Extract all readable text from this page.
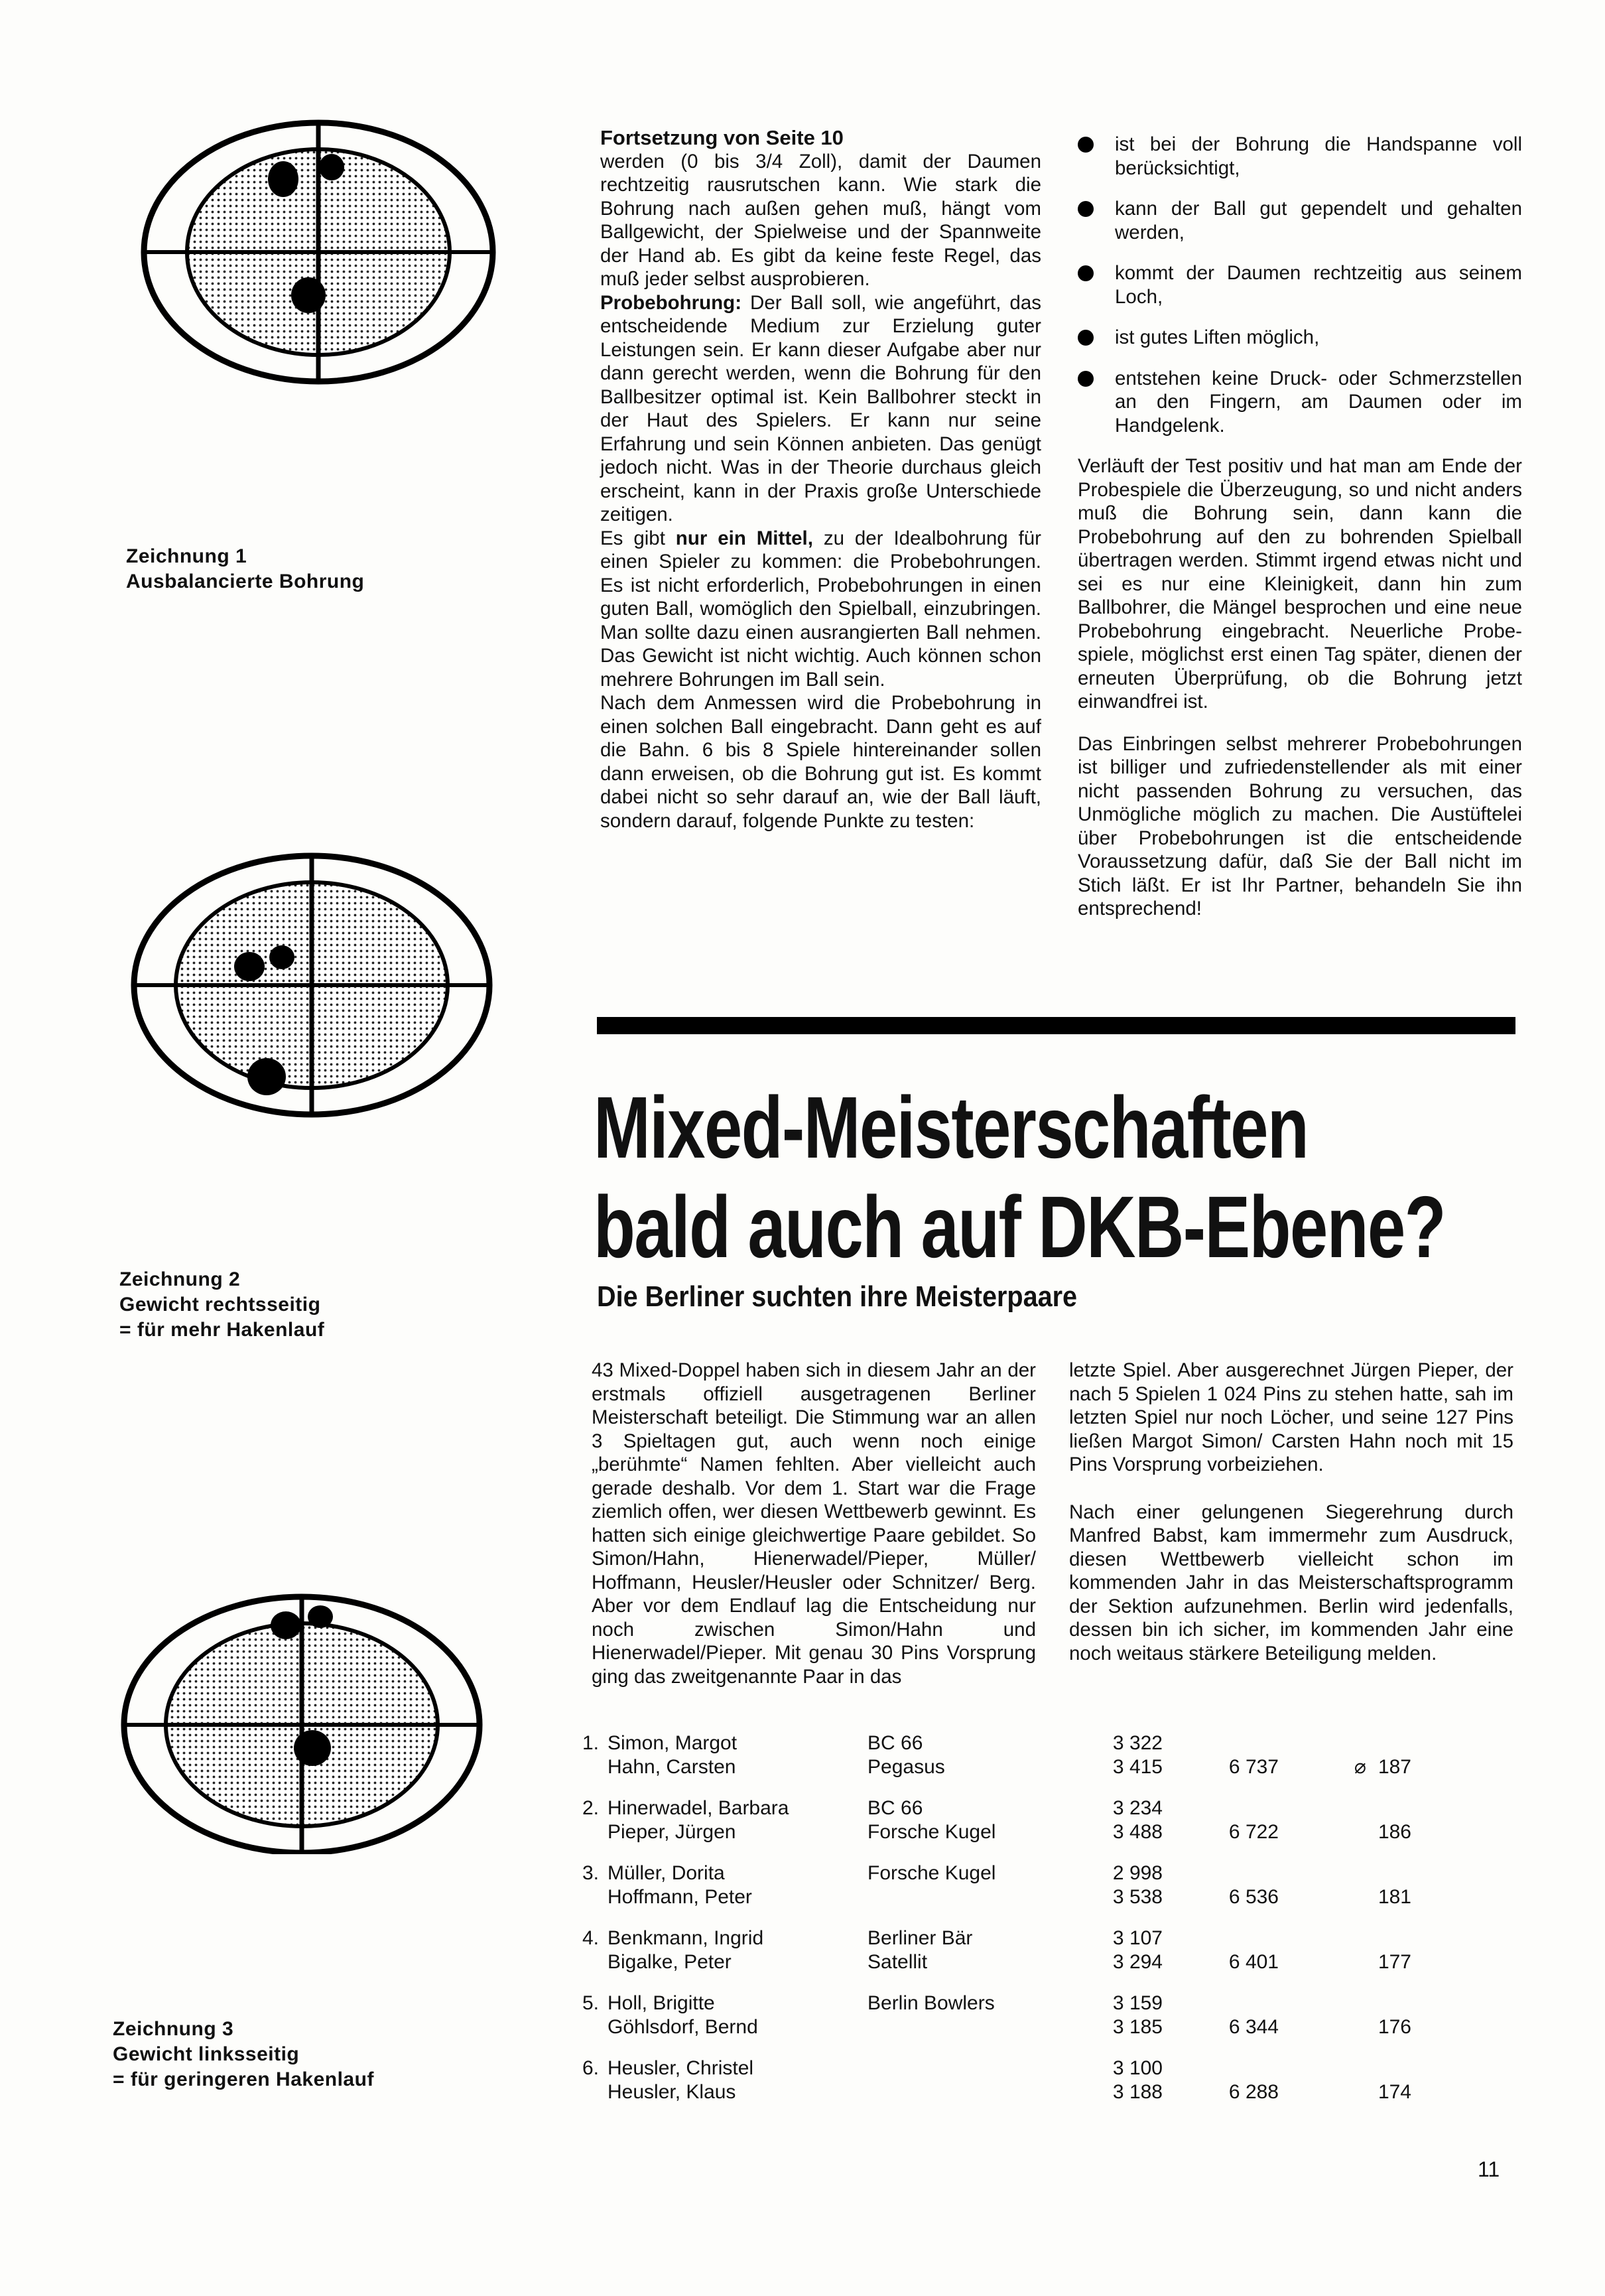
Zeichnung 1
Ausbalancierte Bohrung
Zeichnung 2
Gewicht rechtsseitig
= für mehr Hakenlauf
Zeichnung 3
Gewicht linksseitig
= für geringeren Hakenlauf

Fortsetzung von Seite 10

werden (0 bis 3/4 Zoll), damit der Daumen rechtzeitig rausrutschen kann. Wie stark die Bohrung nach außen gehen muß, hängt vom Ballgewicht, der Spielweise und der Spannweite der Hand ab. Es gibt da keine feste Regel, das muß jeder selbst ausprobieren.

Probebohrung: Der Ball soll, wie angeführt, das entscheidende Medium zur Erzielung guter Leistungen sein. Er kann dieser Aufgabe aber nur dann gerecht werden, wenn die Bohrung für den Ballbesitzer optimal ist. Kein Ballbohrer steckt in der Haut des Spielers. Er kann nur seine Erfahrung und sein Können anbieten. Das genügt jedoch nicht. Was in der Theorie durchaus gleich erscheint, kann in der Praxis große Unterschiede zeitigen.

Es gibt nur ein Mittel, zu der Idealbohrung für einen Spieler zu kommen: die Probebohrungen. Es ist nicht erforderlich, Probebohrungen in einen guten Ball, womöglich den Spielball, einzubringen. Man sollte dazu einen ausrangierten Ball nehmen. Das Gewicht ist nicht wichtig. Auch können schon mehrere Bohrungen im Ball sein.

Nach dem Anmessen wird die Probebohrung in einen solchen Ball eingebracht. Dann geht es auf die Bahn. 6 bis 8 Spiele hintereinander sollen dann erweisen, ob die Bohrung gut ist. Es kommt dabei nicht so sehr darauf an, wie der Ball läuft, sondern darauf, folgende Punkte zu testen:

ist bei der Bohrung die Handspanne voll berücksichtigt,
kann der Ball gut gependelt und gehalten werden,
kommt der Daumen rechtzeitig aus seinem Loch,
ist gutes Liften möglich,
entstehen keine Druck- oder Schmerzstellen an den Fingern, am Daumen oder im Handgelenk.

Verläuft der Test positiv und hat man am Ende der Probespiele die Überzeugung, so und nicht anders muß die Bohrung sein, dann kann die Probebohrung auf den zu bohrenden Spielball übertragen werden. Stimmt irgend etwas nicht und sei es nur eine Kleinigkeit, dann hin zum Ballbohrer, die Mängel besprochen und eine neue Probebohrung eingebracht. Neuerliche Probespiele, möglichst erst einen Tag später, dienen der erneuten Überprüfung, ob die Bohrung jetzt einwandfrei ist.

Das Einbringen selbst mehrerer Probebohrungen ist billiger und zufriedenstellender als mit einer nicht passenden Bohrung zu versuchen, das Unmögliche möglich zu machen. Die Austüftelei über Probebohrungen ist die entscheidende Voraussetzung dafür, daß Sie der Ball nicht im Stich läßt. Er ist Ihr Partner, behandeln Sie ihn entsprechend!

Mixed-Meisterschaften
bald auch auf DKB-Ebene?
Die Berliner suchten ihre Meisterpaare

43 Mixed-Doppel haben sich in diesem Jahr an der erstmals offiziell ausgetragenen Berliner Meisterschaft beteiligt. Die Stimmung war an allen 3 Spieltagen gut, auch wenn noch einige „berühmte“ Namen fehlten. Aber vielleicht auch gerade deshalb. Vor dem 1. Start war die Frage ziemlich offen, wer diesen Wettbewerb gewinnt. Es hatten sich einige gleichwertige Paare gebildet. So Simon/Hahn, Hienerwadel/Pieper, Müller/ Hoffmann, Heusler/Heusler oder Schnitzer/ Berg. Aber vor dem Endlauf lag die Entscheidung nur noch zwischen Simon/Hahn und Hienerwadel/Pieper. Mit genau 30 Pins Vorsprung ging das zweitgenannte Paar in das

letzte Spiel. Aber ausgerechnet Jürgen Pieper, der nach 5 Spielen 1 024 Pins zu stehen hatte, sah im letzten Spiel nur noch Löcher, und seine 127 Pins ließen Margot Simon/ Carsten Hahn noch mit 15 Pins Vorsprung vorbeiziehen.

Nach einer gelungenen Siegerehrung durch Manfred Babst, kam immermehr zum Ausdruck, diesen Wettbewerb vielleicht schon im kommenden Jahr in das Meisterschaftsprogramm der Sektion aufzunehmen. Berlin wird jedenfalls, dessen bin ich sicher, im kommenden Jahr eine noch weitaus stärkere Beteiligung melden.

1.	Simon, Margot	BC 66	3 322		
	Hahn, Carsten	Pegasus	3 415	6 737	⌀ 187

2.	Hinerwadel, Barbara	BC 66	3 234		
	Pieper, Jürgen	Forsche Kugel	3 488	6 722	186

3.	Müller, Dorita	Forsche Kugel	2 998		
	Hoffmann, Peter		3 538	6 536	181

4.	Benkmann, Ingrid	Berliner Bär	3 107		
	Bigalke, Peter	Satellit	3 294	6 401	177

5.	Holl, Brigitte	Berlin Bowlers	3 159		
	Göhlsdorf, Bernd		3 185	6 344	176

6.	Heusler, Christel		3 100		
	Heusler, Klaus		3 188	6 288	174
11
